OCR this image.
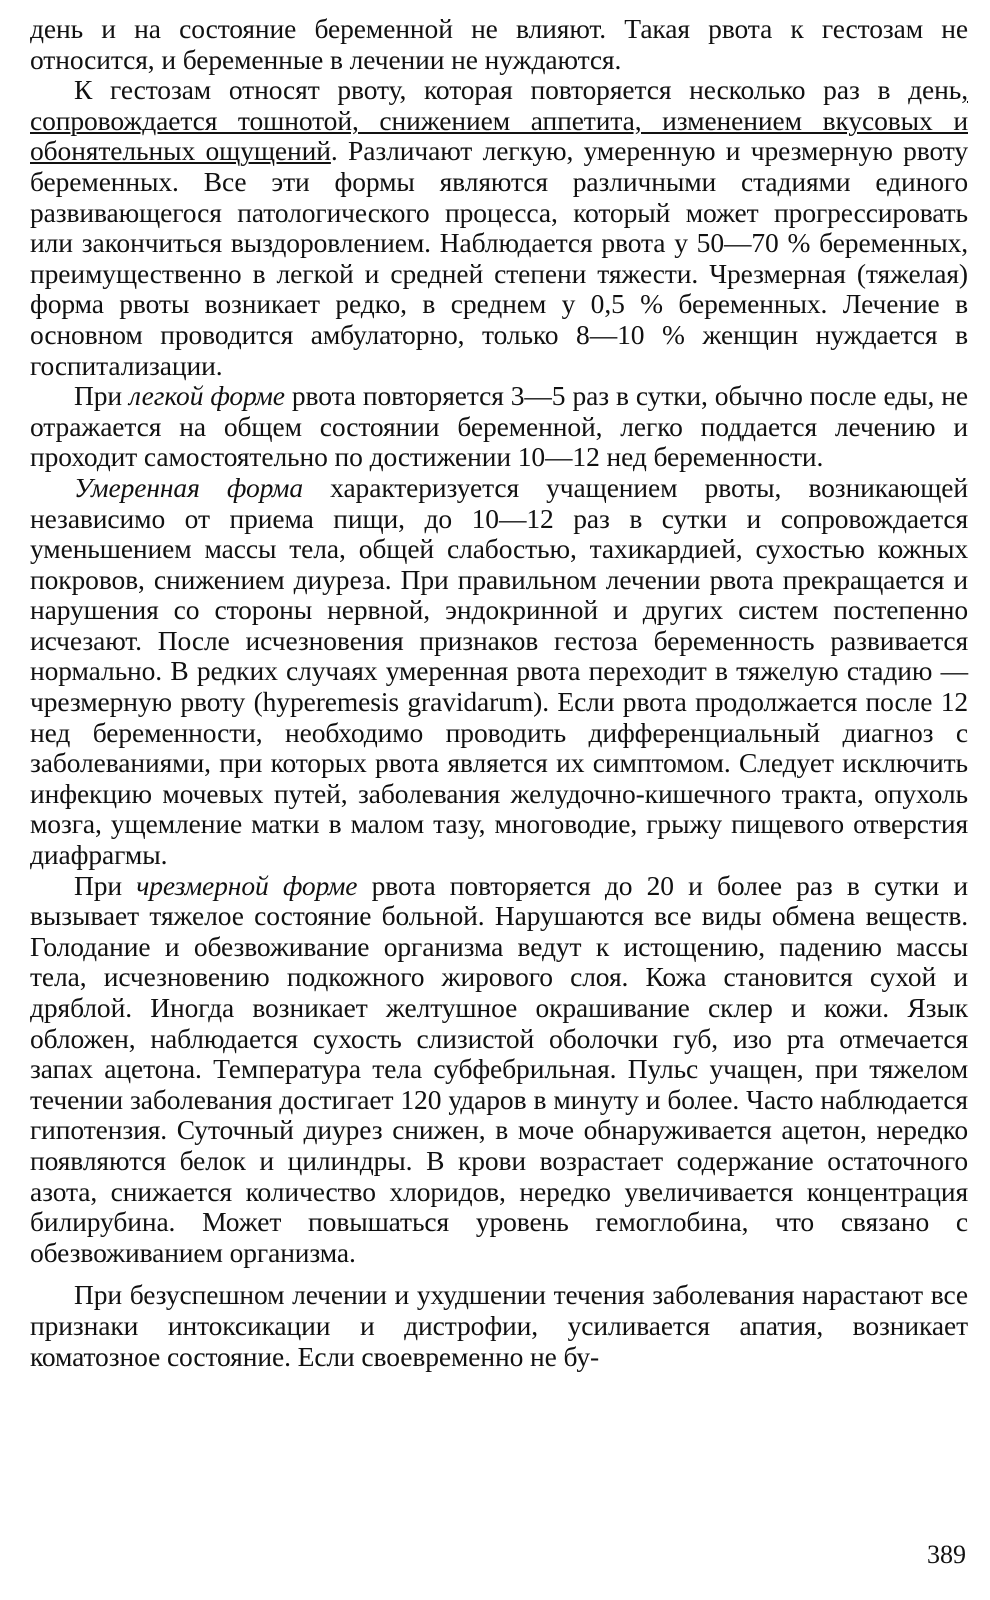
день и на состояние беременной не влияют. Такая рвота к гестозам не относится, и беременные в лечении не нуждаются.

К гестозам относят рвоту, которая повторяется несколько раз в день, сопровождается тошнотой, снижением аппетита, изменением вкусовых и обонятельных ощущений. Различают легкую, умеренную и чрезмерную рвоту беременных. Все эти формы являются различными стадиями единого развивающегося патологического процесса, который может прогрессировать или закончиться выздоровлением. Наблюдается рвота у 50—70 % беременных, преимущественно в легкой и средней степени тяжести. Чрезмерная (тяжелая) форма рвоты возникает редко, в среднем у 0,5 % беременных. Лечение в основном проводится амбулаторно, только 8—10 % женщин нуждается в госпитализации.

При легкой форме рвота повторяется 3—5 раз в сутки, обычно после еды, не отражается на общем состоянии беременной, легко поддается лечению и проходит самостоятельно по достижении 10—12 нед беременности.

Умеренная форма характеризуется учащением рвоты, возникающей независимо от приема пищи, до 10—12 раз в сутки и сопровождается уменьшением массы тела, общей слабостью, тахикардией, сухостью кожных покровов, снижением диуреза. При правильном лечении рвота прекращается и нарушения со стороны нервной, эндокринной и других систем постепенно исчезают. После исчезновения признаков гестоза беременность развивается нормально. В редких случаях умеренная рвота переходит в тяжелую стадию — чрезмерную рвоту (hyperemesis gravidarum). Если рвота продолжается после 12 нед беременности, необходимо проводить дифференциальный диагноз с заболеваниями, при которых рвота является их симптомом. Следует исключить инфекцию мочевых путей, заболевания желудочно-кишечного тракта, опухоль мозга, ущемление матки в малом тазу, многоводие, грыжу пищевого отверстия диафрагмы.

При чрезмерной форме рвота повторяется до 20 и более раз в сутки и вызывает тяжелое состояние больной. Нарушаются все виды обмена веществ. Голодание и обезвоживание организма ведут к истощению, падению массы тела, исчезновению подкожного жирового слоя. Кожа становится сухой и дряблой. Иногда возникает желтушное окрашивание склер и кожи. Язык обложен, наблюдается сухость слизистой оболочки губ, изо рта отмечается запах ацетона. Температура тела субфебрильная. Пульс учащен, при тяжелом течении заболевания достигает 120 ударов в минуту и более. Часто наблюдается гипотензия. Суточный диурез снижен, в моче обнаруживается ацетон, нередко появляются белок и цилиндры. В крови возрастает содержание остаточного азота, снижается количество хлоридов, нередко увеличивается концентрация билирубина. Может повышаться уровень гемоглобина, что связано с обезвоживанием организма.

При безуспешном лечении и ухудшении течения заболевания нарастают все признаки интоксикации и дистрофии, усиливается апатия, возникает коматозное состояние. Если своевременно не бу-

389
